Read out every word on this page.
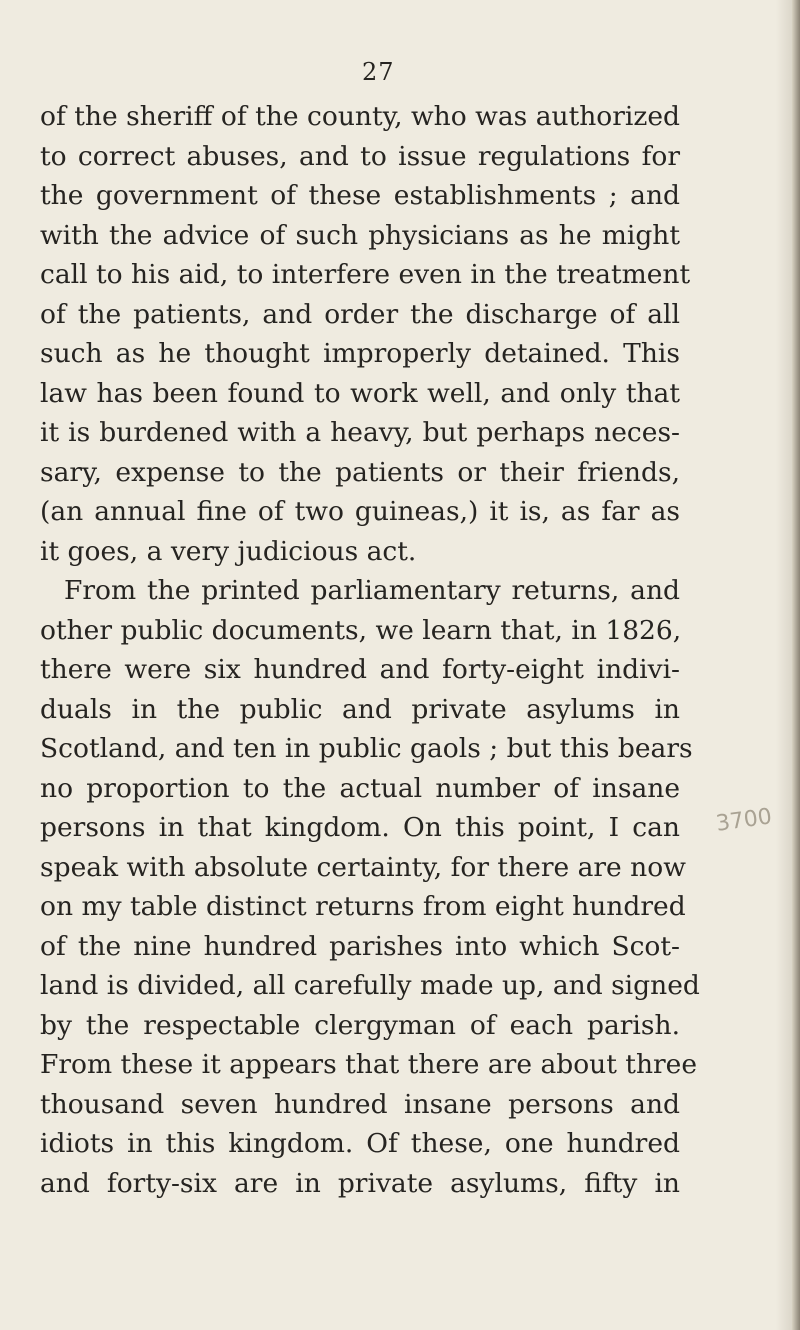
27
of the sheriff of the county, who was authorized
to correct abuses, and to issue regulations for
the government of these establishments ; and
with the advice of such physicians as he might
call to his aid, to interfere even in the treatment
of the patients, and order the discharge of all
such as he thought improperly detained. This
law has been found to work well, and only that
it is burdened with a heavy, but perhaps neces-
sary, expense to the patients or their friends,
(an annual fine of two guineas,) it is, as far as
it goes, a very judicious act.
From the printed parliamentary returns, and
other public documents, we learn that, in 1826,
there were six hundred and forty-eight indivi-
duals in the public and private asylums in
Scotland, and ten in public gaols ; but this bears
no proportion to the actual number of insane
persons in that kingdom. On this point, I can
speak with absolute certainty, for there are now
on my table distinct returns from eight hundred
of the nine hundred parishes into which Scot-
land is divided, all carefully made up, and signed
by the respectable clergyman of each parish.
From these it appears that there are about three
thousand seven hundred insane persons and
idiots in this kingdom. Of these, one hundred
and forty-six are in private asylums, fifty in
3700
